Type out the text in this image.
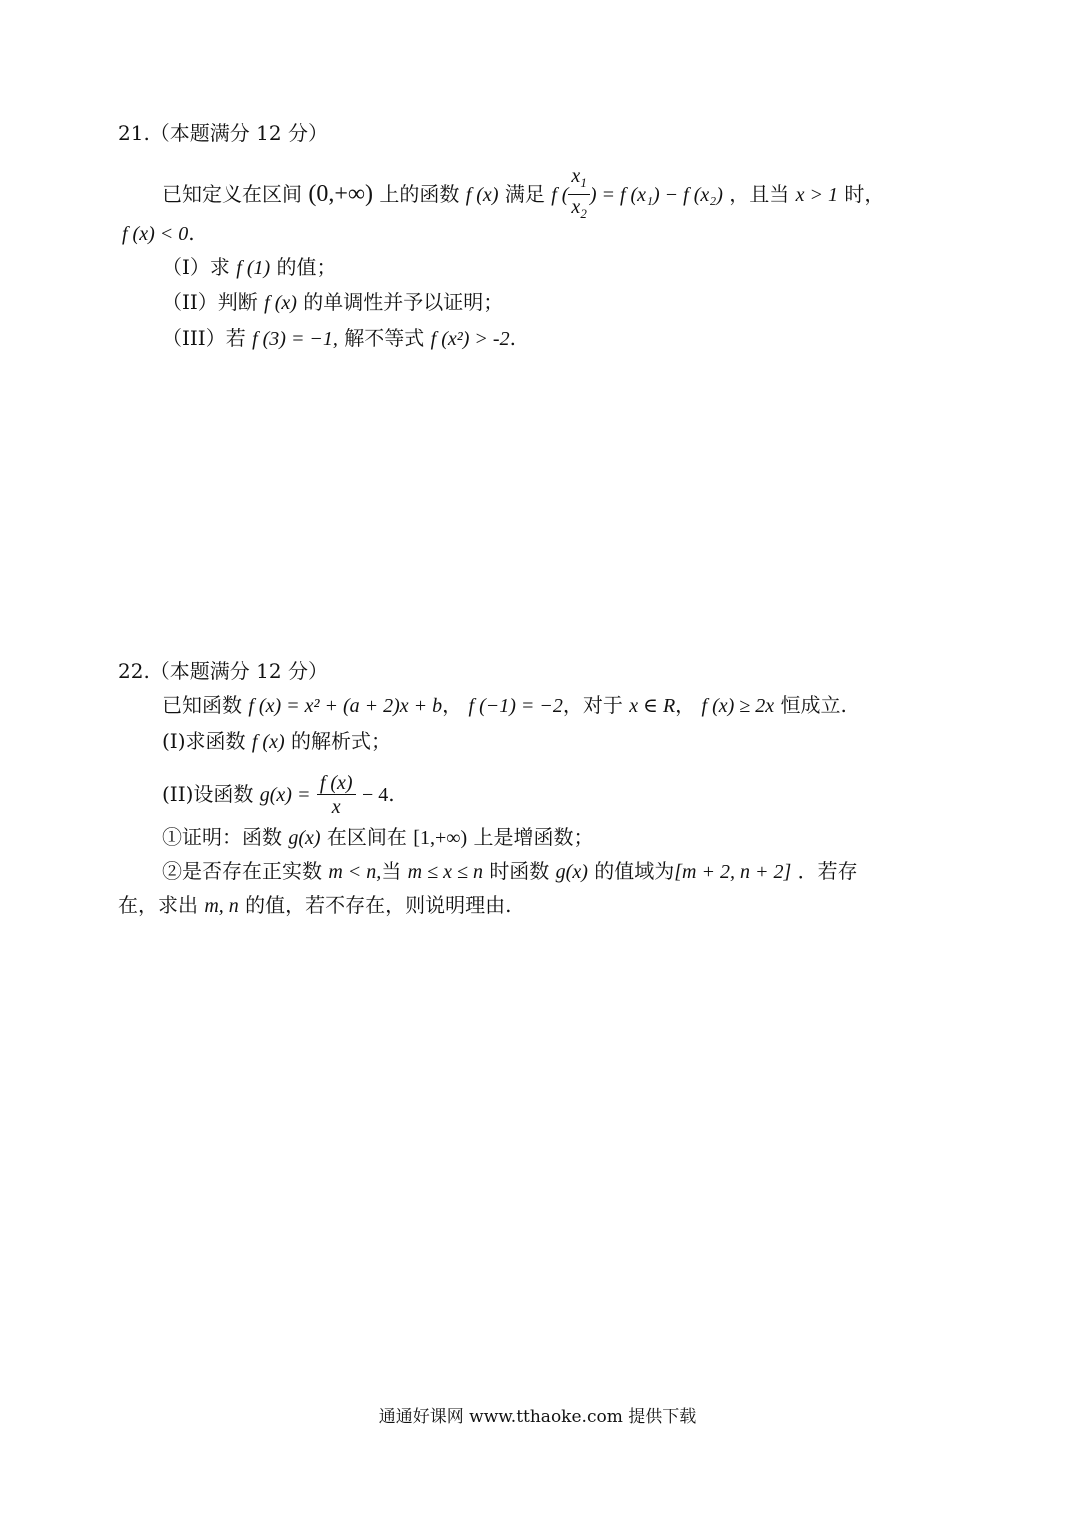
21.（本题满分 12 分）
已知定义在区间 (0,+∞) 上的函数 f (x) 满足 f ( $\frac{x_1}{x_2}$ ) = f (x₁) − f (x₂) ，且当 x > 1 时，
f (x) < 0.
（I）求 f (1) 的值；
（II）判断 f (x) 的单调性并予以证明；
（III）若 f (3) = −1, 解不等式 f (x²) > -2.
22.（本题满分 12 分）
已知函数 f (x) = x² + (a + 2)x + b， f (−1) = −2，对于 x ∈ R， f (x) ≥ 2x 恒成立.
(I)求函数 f (x) 的解析式；
(II)设函数 $g(x) = \frac{f (x)}{x} - 4$.
①证明：函数 g(x) 在区间在 [1,+∞) 上是增函数；
②是否存在正实数 m < n,当 m ≤ x ≤ n 时函数 g(x) 的值域为[m + 2, n + 2] ．若存
在，求出 m, n 的值，若不存在，则说明理由.
通通好课网 www.tthaoke.com 提供下载
